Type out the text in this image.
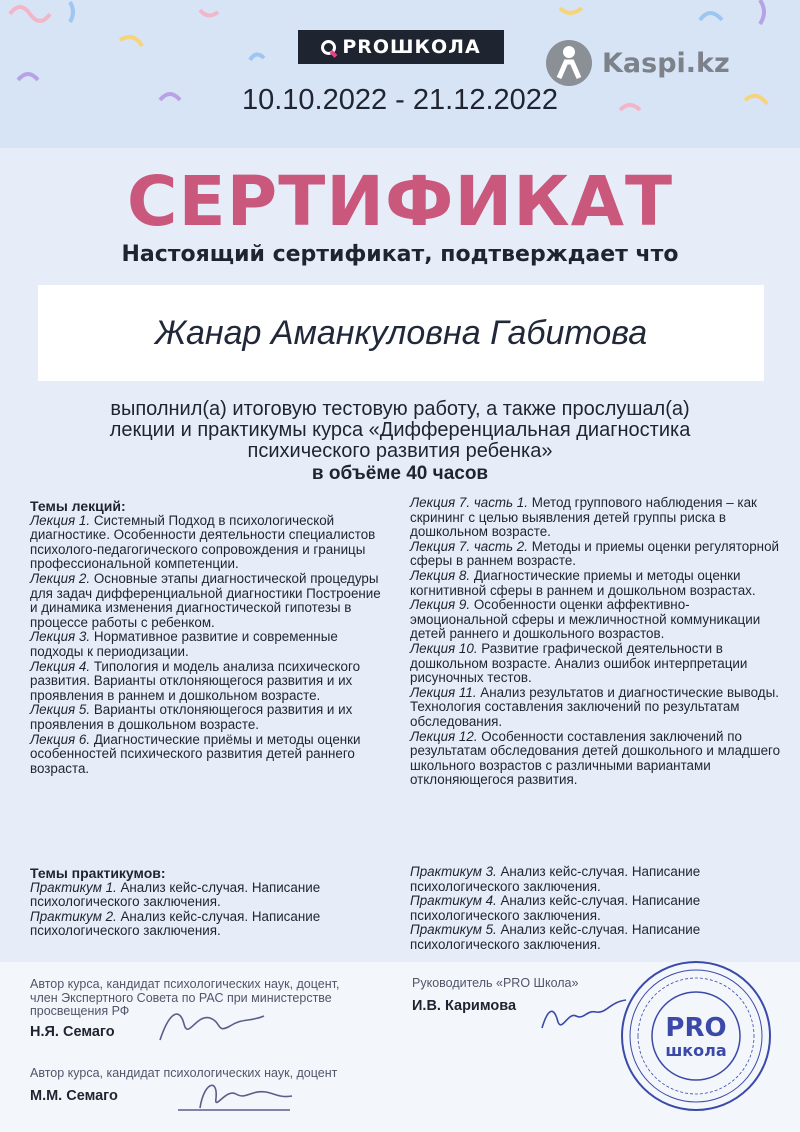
PROШКОЛА
Kaspi.kz
10.10.2022 - 21.12.2022
СЕРТИФИКАТ
Настоящий сертификат, подтверждает что
Жанар Аманкуловна Габитова
выполнил(а) итоговую тестовую работу, а также прослушал(а)
лекции и практикумы курса «Дифференциальная диагностика
психического развития ребенка»
в объёме 40 часов

Темы лекций:

Лекция 1. Системный Подход в психологической диагностике. Особенности деятельности специалистов психолого-педагогического сопровождения и границы профессиональной компетенции.

Лекция 2. Основные этапы диагностической процедуры для задач дифференциальной диагностики Построение и динамика изменения диагностической гипотезы в процессе работы с ребенком.

Лекция 3. Нормативное развитие и современные подходы к периодизации.

Лекция 4. Типология и модель анализа психического развития. Варианты отклоняющегося развития и их проявления в раннем и дошкольном возрасте.

Лекция 5. Варианты отклоняющегося развития и их проявления в дошкольном возрасте.

Лекция 6. Диагностические приёмы и методы оценки особенностей психического развития детей раннего возраста.

Лекция 7. часть 1. Метод группового наблюдения – как скрининг с целью выявления детей группы риска в дошкольном возрасте.

Лекция 7. часть 2. Методы и приемы оценки регуляторной сферы в раннем возрасте.

Лекция 8. Диагностические приемы и методы оценки когнитивной сферы в раннем и дошкольном возрастах.

Лекция 9. Особенности оценки аффективно-эмоциональной сферы и межличностной коммуникации детей раннего и дошкольного возрастов.

Лекция 10. Развитие графической деятельности в дошкольном возрасте. Анализ ошибок интерпретации рисуночных тестов.

Лекция 11. Анализ результатов и диагностические выводы. Технология составления заключений по результатам обследования.

Лекция 12. Особенности составления заключений по результатам обследования детей дошкольного и младшего школьного возрастов с различными вариантами отклоняющегося развития.

Темы практикумов:

Практикум 1. Анализ кейс-случая. Написание психологического заключения.

Практикум 2. Анализ кейс-случая. Написание психологического заключения.

Практикум 3. Анализ кейс-случая. Написание психологического заключения.

Практикум 4. Анализ кейс-случая. Написание психологического заключения.

Практикум 5. Анализ кейс-случая. Написание психологического заключения.

Автор курса, кандидат психологических наук, доцент,
член Экспертного Совета по РАС при министерстве
просвещения РФ
Н.Я. Семаго
Автор курса, кандидат психологических наук, доцент
М.М. Семаго
Руководитель «PRO Школа»
И.В. Каримова
PRO
школа
